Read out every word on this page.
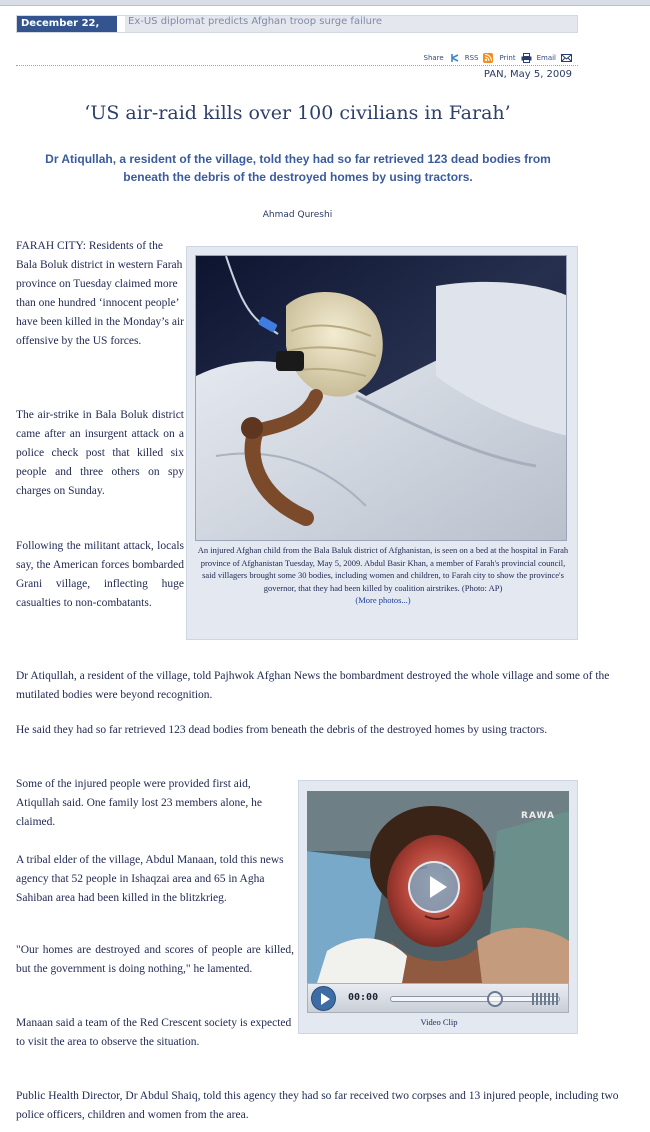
December 22, 2009:
Ex-US diplomat predicts Afghan troop surge failure
Share	RSS	Print	Email
PAN, May 5, 2009
‘US air-raid kills over 100 civilians in Farah’
Dr Atiqullah, a resident of the village, told they had so far retrieved 123 dead bodies from beneath the debris of the destroyed homes by using tractors.
Ahmad Qureshi

FARAH CITY: Residents of the Bala Boluk district in western Farah province on Tuesday claimed more than one hundred ‘innocent people’ have been killed in the Monday’s air offensive by the US forces.

The air-strike in Bala Boluk district came after an insurgent attack on a police check post that killed six people and three others on spy charges on Sunday.

Following the militant attack, locals say, the American forces bombarded Grani village, inflecting huge casualties to non-combatants.

An injured Afghan child from the Bala Baluk district of Afghanistan, is seen on a bed at the hospital in Farah province of Afghanistan Tuesday, May 5, 2009. Abdul Basir Khan, a member of Farah's provincial council, said villagers brought some 30 bodies, including women and children, to Farah city to show the province's governor, that they had been killed by coalition airstrikes. (Photo: AP)
(More photos...)

Dr Atiqullah, a resident of the village, told Pajhwok Afghan News the bombardment destroyed the whole village and some of the mutilated bodies were beyond recognition.

He said they had so far retrieved 123 dead bodies from beneath the debris of the destroyed homes by using tractors.

Some of the injured people were provided first aid, Atiqullah said. One family lost 23 members alone, he claimed.

A tribal elder of the village, Abdul Manaan, told this news agency that 52 people in Ishaqzai area and 65 in Agha Sahiban area had been killed in the blitzkrieg.

"Our homes are destroyed and scores of people are killed, but the government is doing nothing," he lamented.

Manaan said a team of the Red Crescent society is expected to visit the area to observe the situation.

RAWA
00:00
Video Clip

Public Health Director, Dr Abdul Shaiq, told this agency they had so far received two corpses and 13 injured people, including two police officers, children and women from the area.
